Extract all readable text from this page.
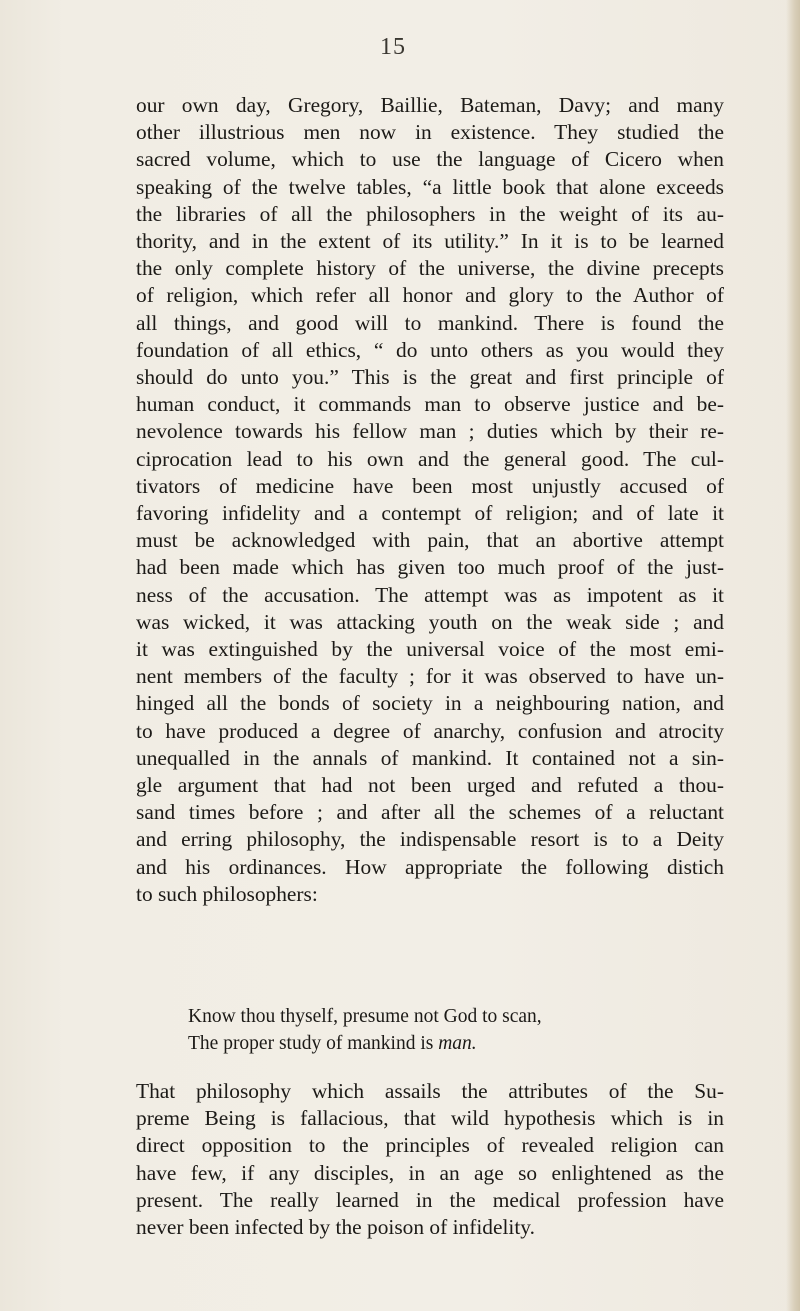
15
our own day, Gregory, Baillie, Bateman, Davy; and many
other illustrious men now in existence. They studied the
sacred volume, which to use the language of Cicero when
speaking of the twelve tables, “a little book that alone exceeds
the libraries of all the philosophers in the weight of its au-
thority, and in the extent of its utility.” In it is to be learned
the only complete history of the universe, the divine precepts
of religion, which refer all honor and glory to the Author of
all things, and good will to mankind. There is found the
foundation of all ethics, “ do unto others as you would they
should do unto you.” This is the great and first principle of
human conduct, it commands man to observe justice and be-
nevolence towards his fellow man ; duties which by their re-
ciprocation lead to his own and the general good. The cul-
tivators of medicine have been most unjustly accused of
favoring infidelity and a contempt of religion; and of late it
must be acknowledged with pain, that an abortive attempt
had been made which has given too much proof of the just-
ness of the accusation. The attempt was as impotent as it
was wicked, it was attacking youth on the weak side ; and
it was extinguished by the universal voice of the most emi-
nent members of the faculty ; for it was observed to have un-
hinged all the bonds of society in a neighbouring nation, and
to have produced a degree of anarchy, confusion and atrocity
unequalled in the annals of mankind. It contained not a sin-
gle argument that had not been urged and refuted a thou-
sand times before ; and after all the schemes of a reluctant
and erring philosophy, the indispensable resort is to a Deity
and his ordinances. How appropriate the following distich
to such philosophers:
Know thou thyself, presume not God to scan,
The proper study of mankind is man.
That philosophy which assails the attributes of the Su-
preme Being is fallacious, that wild hypothesis which is in
direct opposition to the principles of revealed religion can
have few, if any disciples, in an age so enlightened as the
present. The really learned in the medical profession have
never been infected by the poison of infidelity.
